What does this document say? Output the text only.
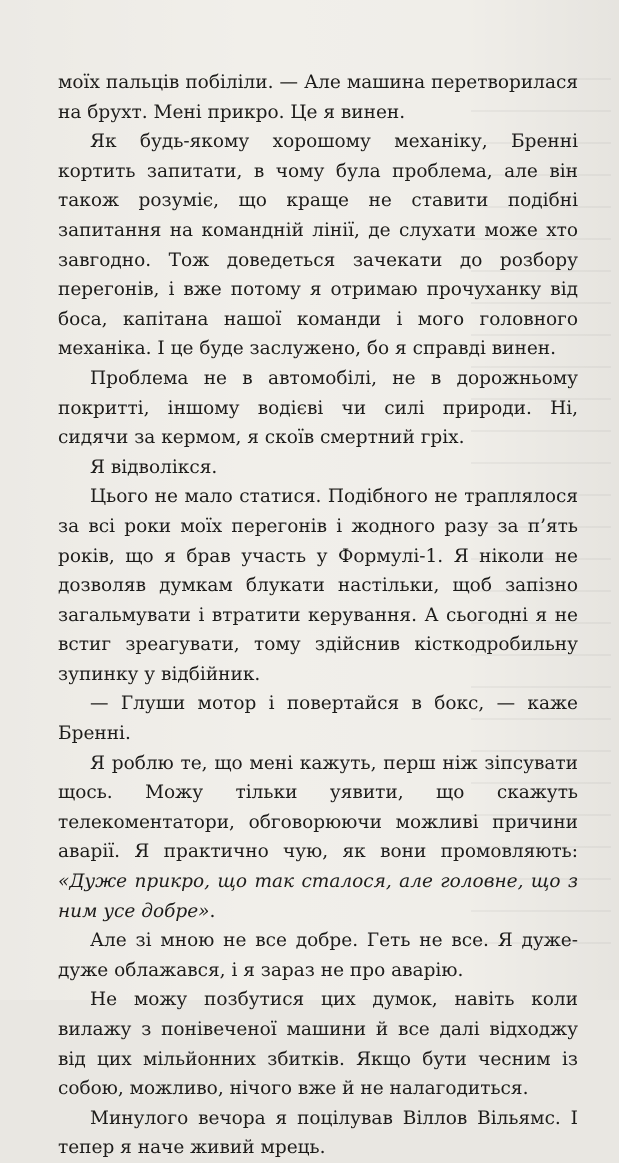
моїх пальців побіліли. — Але машина перетворилася на брухт. Мені прикро. Це я винен.

Як будь-якому хорошому механіку, Бренні кортить запитати, в чому була проблема, але він також розуміє, що краще не ставити подібні запитання на командній лінії, де слухати може хто завгодно. Тож доведеться зачекати до розбору перегонів, і вже потому я отримаю прочуханку від боса, капітана нашої команди і мого головного механіка. І це буде заслужено, бо я справді винен.

Проблема не в автомобілі, не в дорожньому покритті, іншому водієві чи силі природи. Ні, сидячи за кермом, я скоїв смертний гріх.

Я відволікся.

Цього не мало статися. Подібного не траплялося за всі роки моїх перегонів і жодного разу за п’ять років, що я брав участь у Формулі-1. Я ніколи не дозволяв думкам блукати настільки, щоб запізно загальмувати і втратити керування. А сьогодні я не встиг зреагувати, тому здійснив кісткодробильну зупинку у відбійник.

— Глуши мотор і повертайся в бокс, — каже Бренні.

Я роблю те, що мені кажуть, перш ніж зіпсувати щось. Можу тільки уявити, що скажуть телекоментатори, обговорюючи можливі причини аварії. Я практично чую, як вони промовляють: «Дуже прикро, що так сталося, але головне, що з ним усе добре».

Але зі мною не все добре. Геть не все. Я дуже-дуже облажався, і я зараз не про аварію.

Не можу позбутися цих думок, навіть коли вилажу з понівеченої машини й все далі відходжу від цих мільйонних збитків. Якщо бути чесним із собою, можливо, нічого вже й не налагодиться.

Минулого вечора я поцілував Віллов Вільямс. І тепер я наче живий мрець.
